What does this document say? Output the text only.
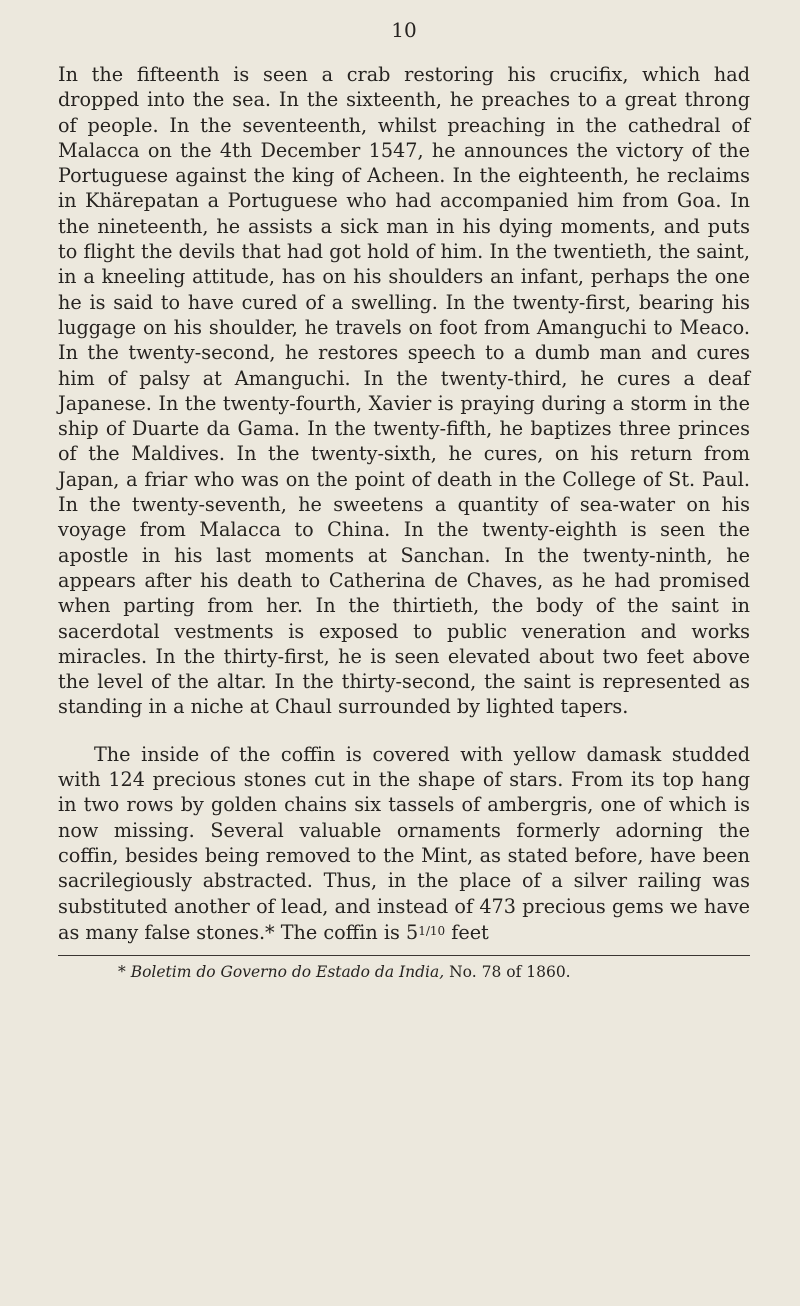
10

In the fifteenth is seen a crab restoring his crucifix, which had dropped into the sea. In the sixteenth, he preaches to a great throng of people. In the seventeenth, whilst preaching in the cathedral of Malacca on the 4th December 1547, he announces the victory of the Portuguese against the king of Acheen. In the eighteenth, he reclaims in Khärepatan a Portuguese who had accompanied him from Goa. In the nineteenth, he assists a sick man in his dying moments, and puts to flight the devils that had got hold of him. In the twentieth, the saint, in a kneeling attitude, has on his shoulders an infant, perhaps the one he is said to have cured of a swelling. In the twenty-first, bearing his luggage on his shoulder, he travels on foot from Amanguchi to Meaco. In the twenty-second, he restores speech to a dumb man and cures him of palsy at Amanguchi. In the twenty-third, he cures a deaf Japanese. In the twenty-fourth, Xavier is praying during a storm in the ship of Duarte da Gama. In the twenty-fifth, he baptizes three princes of the Maldives. In the twenty-sixth, he cures, on his return from Japan, a friar who was on the point of death in the College of St. Paul. In the twenty-seventh, he sweetens a quantity of sea-water on his voyage from Malacca to China. In the twenty-eighth is seen the apostle in his last moments at Sanchan. In the twenty-ninth, he appears after his death to Catherina de Chaves, as he had promised when parting from her. In the thirtieth, the body of the saint in sacerdotal vestments is exposed to public veneration and works miracles. In the thirty-first, he is seen elevated about two feet above the level of the altar. In the thirty-second, the saint is represented as standing in a niche at Chaul surrounded by lighted tapers.

The inside of the coffin is covered with yellow damask studded with 124 precious stones cut in the shape of stars. From its top hang in two rows by golden chains six tassels of ambergris, one of which is now missing. Several valuable ornaments formerly adorning the coffin, besides being removed to the Mint, as stated before, have been sacrilegiously abstracted. Thus, in the place of a silver railing was substituted another of lead, and instead of 473 precious gems we have as many false stones.* The coffin is $5^{1/10}$ feet

* Boletim do Governo do Estado da India, No. 78 of 1860.
